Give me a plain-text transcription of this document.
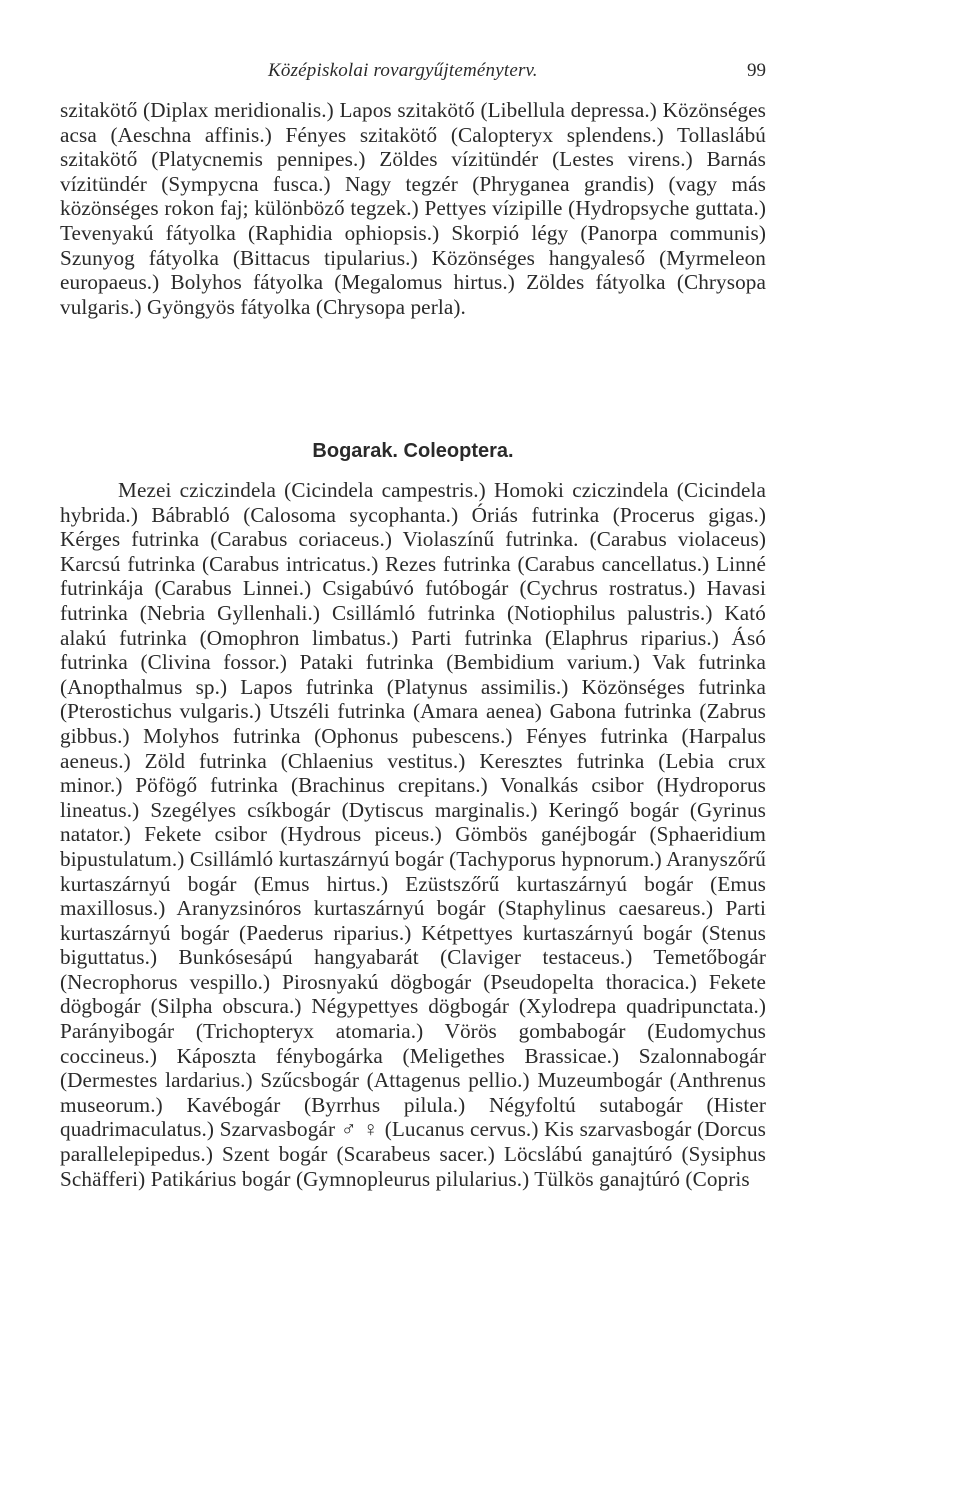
Középiskolai rovargyűjteményterv.	99

szitakötő (Diplax meridionalis.) Lapos szitakötő (Libellula depressa.) Közönséges acsa (Aeschna affinis.) Fényes szitakötő (Calopteryx splendens.) Tollaslábú szitakötő (Platycnemis pennipes.) Zöldes vízitündér (Lestes virens.) Barnás vízitündér (Sympycna fusca.) Nagy tegzér (Phryganea grandis) (vagy más közönséges rokon faj; különböző tegzek.) Pettyes vízipille (Hydropsyche guttata.) Tevenyakú fátyolka (Raphidia ophiopsis.) Skorpió légy (Panorpa communis) Szunyog fátyolka (Bittacus tipularius.) Közönséges hangyaleső (Myrmeleon europaeus.) Bolyhos fátyolka (Megalomus hirtus.) Zöldes fátyolka (Chrysopa vulgaris.) Gyöngyös fátyolka (Chrysopa perla).

Bogarak. Coleoptera.

Mezei cziczindela (Cicindela campestris.) Homoki cziczindela (Cicindela hybrida.) Bábrabló (Calosoma sycophanta.) Óriás futrinka (Procerus gigas.) Kérges futrinka (Carabus coriaceus.) Violaszínű futrinka. (Carabus violaceus) Karcsú futrinka (Carabus intricatus.) Rezes futrinka (Carabus cancellatus.) Linné futrinkája (Carabus Linnei.) Csigabúvó futóbogár (Cychrus rostratus.) Havasi futrinka (Nebria Gyllenhali.) Csillámló futrinka (Notiophilus palustris.) Kató alakú futrinka (Omophron limbatus.) Parti futrinka (Elaphrus riparius.) Ásó futrinka (Clivina fossor.) Pataki futrinka (Bembidium varium.) Vak futrinka (Anopthalmus sp.) Lapos futrinka (Platynus assimilis.) Közönséges futrinka (Pterostichus vulgaris.) Utszéli futrinka (Amara aenea) Gabona futrinka (Zabrus gibbus.) Molyhos futrinka (Ophonus pubescens.) Fényes futrinka (Harpalus aeneus.) Zöld futrinka (Chlaenius vestitus.) Keresztes futrinka (Lebia crux minor.) Pöfögő futrinka (Brachinus crepitans.) Vonalkás csibor (Hydroporus lineatus.) Szegélyes csíkbogár (Dytiscus marginalis.) Keringő bogár (Gyrinus natator.) Fekete csibor (Hydrous piceus.) Gömbös ganéjbogár (Sphaeridium bipustulatum.) Csillámló kurtaszárnyú bogár (Tachyporus hypnorum.) Aranyszőrű kurtaszárnyú bogár (Emus hirtus.) Ezüstszőrű kurtaszárnyú bogár (Emus maxillosus.) Aranyzsinóros kurtaszárnyú bogár (Staphylinus caesareus.) Parti kurtaszárnyú bogár (Paederus riparius.) Kétpettyes kurtaszárnyú bogár (Stenus biguttatus.) Bunkósesápú hangyabarát (Claviger testaceus.) Temetőbogár (Necrophorus vespillo.) Pirosnyakú dögbogár (Pseudopelta thoracica.) Fekete dögbogár (Silpha obscura.) Négypettyes dögbogár (Xylodrepa quadripunctata.) Parányibogár (Trichopteryx atomaria.) Vörös gombabogár (Eudomychus coccineus.) Káposzta fénybogárka (Meligethes Brassicae.) Szalonnabogár (Dermestes lardarius.) Szűcsbogár (Attagenus pellio.) Muzeumbogár (Anthrenus museorum.) Kavébogár (Byrrhus pilula.) Négyfoltú sutabogár (Hister quadrimaculatus.) Szarvasbogár ♂ ♀ (Lucanus cervus.) Kis szarvasbogár (Dorcus parallelepipedus.) Szent bogár (Scarabeus sacer.) Löcslábú ganajtúró (Sysiphus Schäfferi) Patikárius bogár (Gymnopleurus pilularius.) Tülkös ganajtúró (Copris
